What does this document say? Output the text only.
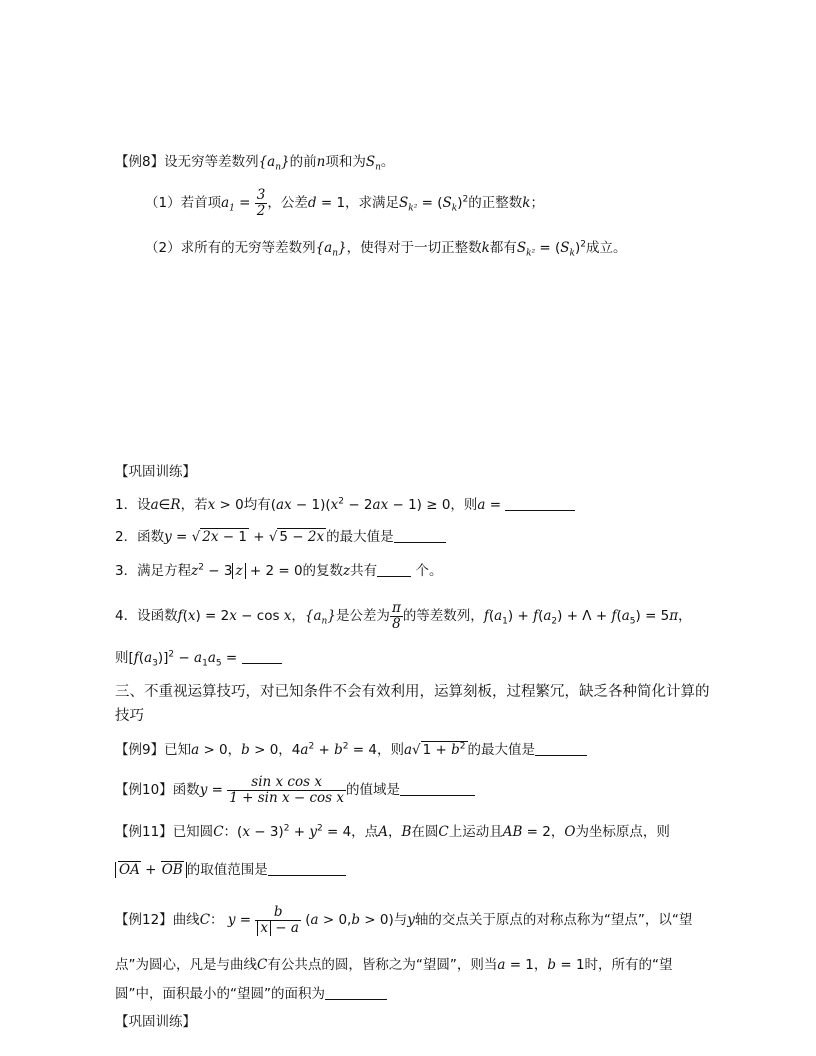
【例8】设无穷等差数列$\{a_n\}$的前n项和为$S_n$。
（1）若首项$a_1 = \frac{3}{2}$ ，公差d = 1，求满足$S_{k^2} = (S_k)^2$的正整数k；
（2）求所有的无穷等差数列$\{a_n\}$，使得对于一切正整数k都有$S_{k^2} = (S_k)^2$成立。
【巩固训练】
1．设a∈R，若x > 0均有$(ax - 1)(x^2 - 2ax - 1) \ge 0$，则a =
2．函数y = √ 2x − 1 + √ 5 − 2x 的最大值是
3．满足方程$z^2 - 3$ z + 2 = 0的复数z共有	个。
4．设函数f(x) = 2x − cos x，$\{a_n\}$是公差为 $\frac{\pi}{8}$ 的等差数列，$f(a_1) + f(a_2) + \Lambda + f(a_5) = 5\pi$，
则$[f(a_3)]^2 - a_1a_5$ =
三、不重视运算技巧，对已知条件不会有效利用，运算刻板，过程繁冗，缺乏各种简化计算的技巧
【例9】已知a > 0，b > 0，$4a^2 + b^2 = 4$，则a√ $1 + b^2$ 的最大值是
【例10】函数$y = \frac{\text{sin x cos x}}{\text{1 + sin x − cos x}}$ 的值域是
【例11】已知圆C：$(x - 3)^2 + y^2 = 4$，点A，B在圆C上运动且AB = 2，O为坐标原点，则
OA + OB 的取值范围是
【例12】曲线C： $y = \frac{b}{x - a} (a > 0,b > 0)$与y轴的交点关于原点的对称点称为“望点”，以“望
点”为圆心，凡是与曲线C有公共点的圆，皆称之为“望圆”，则当a = 1，b = 1时，所有的“望
圆”中，面积最小的“望圆”的面积为
【巩固训练】
